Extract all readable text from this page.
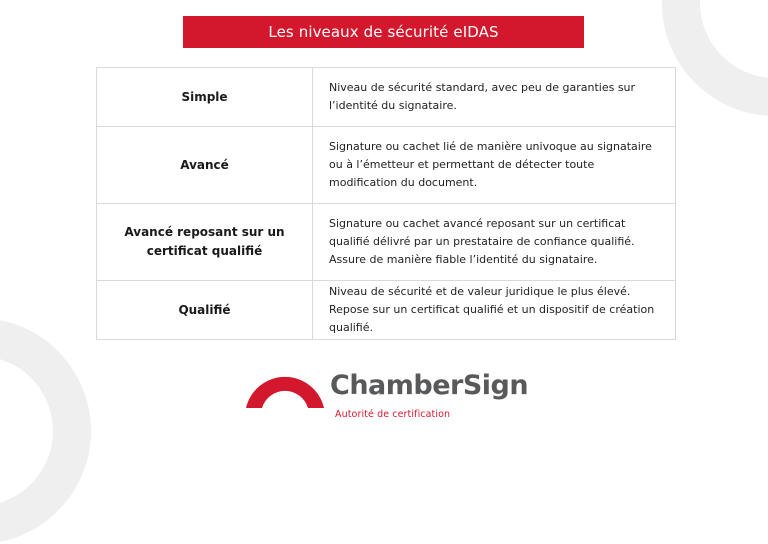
Les niveaux de sécurité eIDAS
Simple	Niveau de sécurité standard, avec peu de garanties sur l’identité du signataire.
Avancé	Signature ou cachet lié de manière univoque au signataire ou à l’émetteur et permettant de détecter toute modification du document.
Avancé reposant sur un certificat qualifié	Signature ou cachet avancé reposant sur un certificat qualifié délivré par un prestataire de confiance qualifié. Assure de manière fiable l’identité du signataire.
Qualifié	Niveau de sécurité et de valeur juridique le plus élevé. Repose sur un certificat qualifié et un dispositif de création qualifié.
ChamberSign
Autorité de certification
